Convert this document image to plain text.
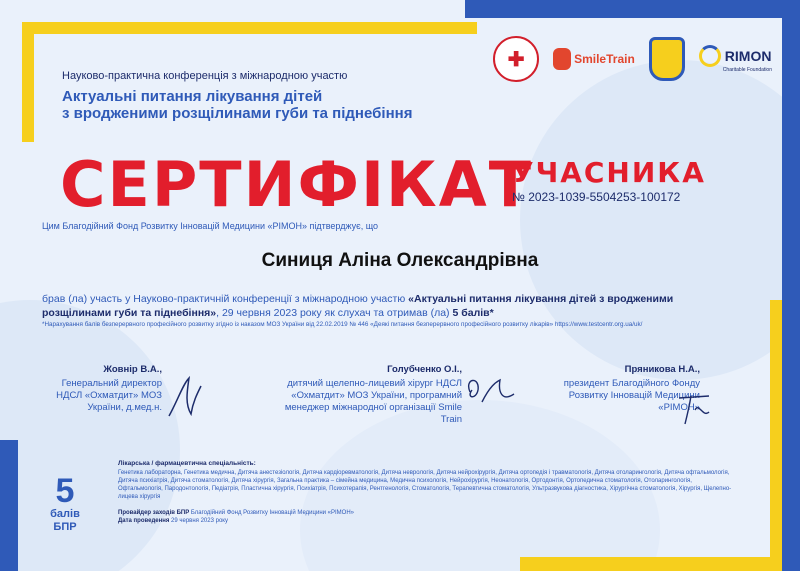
✚	SmileTrain	RIMON
Charitable Foundation
Науково-практична конференція з міжнародною участю
Актуальні питання лікування дітей
з вродженими розщілинами губи та піднебіння
СЕРТИФІКАТ
УЧАСНИКА
№ 2023-1039-5504253-100172
Цим Благодійний Фонд Розвитку Інновацій Медицини «РІМОН» підтверджує, що
Синиця Аліна Олександрівна
брав (ла) участь у Науково-практичній конференції з міжнародною участю «Актуальні питання лікування дітей з вродженими розщілинами губи та піднебіння», 29 червня 2023 року як слухач та отримав (ла) 5 балів*
*Нарахування балів безперервного професійного розвитку згідно із наказом МОЗ України від 22.02.2019 № 446 «Деякі питання безперервного професійного розвитку лікарів» https://www.testcentr.org.ua/uk/
Жовнір В.А.,
Генеральний директор НДСЛ «Охматдит» МОЗ України, д.мед.н.
Голубченко О.І.,
дитячий щелепно-лицевий хірург НДСЛ «Охматдит» МОЗ України, програмний менеджер міжнародної організації Smile Train
Пряникова Н.А.,
президент Благодійного Фонду Розвитку Інновацій Медицини «РІМОН»
5
балів
БПР
Лікарська / фармацевтична спеціальність:
Генетика лабораторна, Генетика медична, Дитяча анестезіологія, Дитяча кардіоревматологія, Дитяча неврологія, Дитяча нейрохірургія, Дитяча ортопедія і травматологія, Дитяча отоларингологія, Дитяча офтальмологія, Дитяча психіатрія, Дитяча стоматологія, Дитяча хірургія, Загальна практика – сімейна медицина, Медична психологія, Нейрохірургія, Неонатологія, Ортодонтія, Ортопедична стоматологія, Отоларингологія, Офтальмологія, Пародонтологія, Педіатрія, Пластична хірургія, Психіатрія, Психотерапія, Рентгенологія, Стоматологія, Терапевтична стоматологія, Ультразвукова діагностика, Хірургічна стоматологія, Хірургія, Щелепно-лицева хірургія
Провайдер заходів БПР Благодійний Фонд Розвитку Інновацій Медицини «РІМОН»
Дата проведення 29 червня 2023 року
